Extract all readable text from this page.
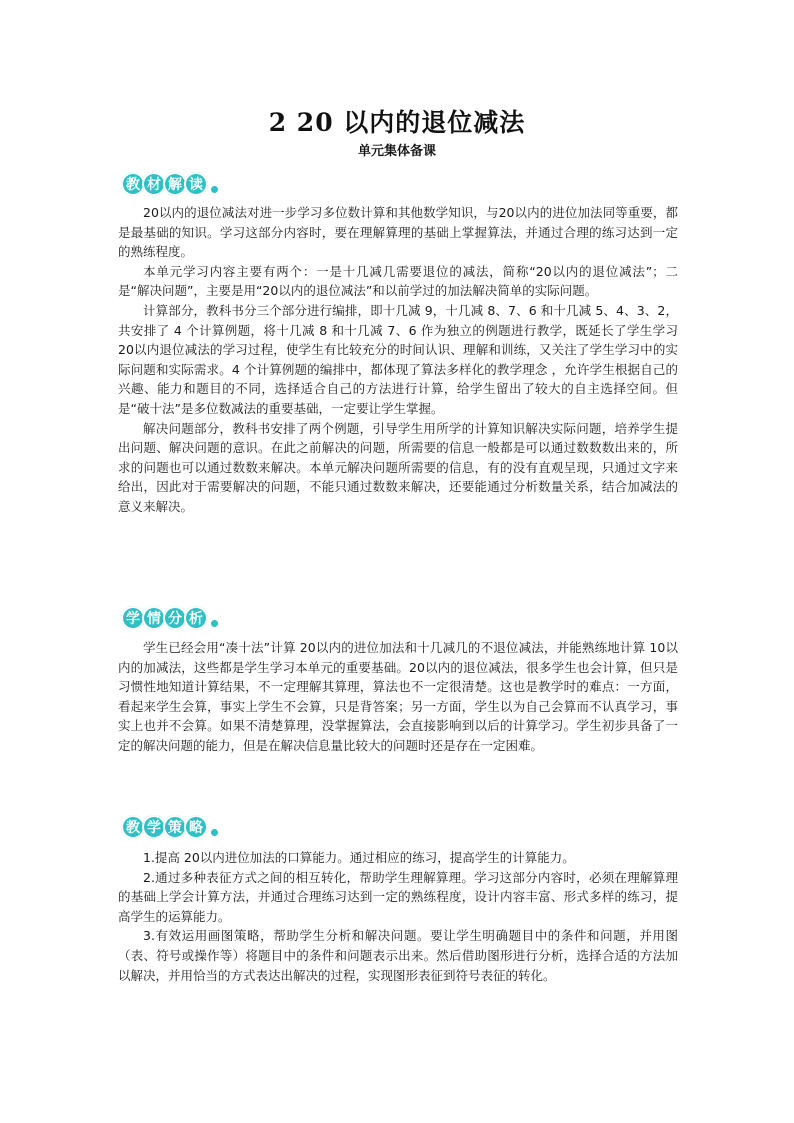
2 20 以内的退位减法
单元集体备课
教 材 解 读

20以内的退位减法对进一步学习多位数计算和其他数学知识，与20以内的进位加法同等重要，都是最基础的知识。学习这部分内容时，要在理解算理的基础上掌握算法，并通过合理的练习达到一定的熟练程度。

本单元学习内容主要有两个：一是十几减几需要退位的减法，简称“20以内的退位减法”；二是“解决问题”，主要是用“20以内的退位减法”和以前学过的加法解决简单的实际问题。

计算部分，教科书分三个部分进行编排，即十几减 9，十几减 8、7、6 和十几减 5、4、3、2，共安排了 4 个计算例题，将十几减 8 和十几减 7、6 作为独立的例题进行教学，既延长了学生学习 20以内退位减法的学习过程，使学生有比较充分的时间认识、理解和训练，又关注了学生学习中的实际问题和实际需求。4 个计算例题的编排中，都体现了算法多样化的教学理念 ，允许学生根据自己的兴趣、能力和题目的不同，选择适合自己的方法进行计算，给学生留出了较大的自主选择空间。但是“破十法”是多位数减法的重要基础，一定要让学生掌握。

解决问题部分，教科书安排了两个例题，引导学生用所学的计算知识解决实际问题，培养学生提出问题、解决问题的意识。在此之前解决的问题，所需要的信息一般都是可以通过数数数出来的，所求的问题也可以通过数数来解决。本单元解决问题所需要的信息，有的没有直观呈现，只通过文字来给出，因此对于需要解决的问题，不能只通过数数来解决，还要能通过分析数量关系，结合加减法的意义来解决。

学 情 分 析

学生已经会用“凑十法”计算 20以内的进位加法和十几减几的不退位减法，并能熟练地计算 10以内的加减法，这些都是学生学习本单元的重要基础。20以内的退位减法，很多学生也会计算，但只是习惯性地知道计算结果，不一定理解其算理，算法也不一定很清楚。这也是教学时的难点：一方面，看起来学生会算，事实上学生不会算，只是背答案；另一方面，学生以为自己会算而不认真学习，事实上也并不会算。如果不清楚算理，没掌握算法，会直接影响到以后的计算学习。学生初步具备了一定的解决问题的能力，但是在解决信息量比较大的问题时还是存在一定困难。

教 学 策 略

1.提高 20以内进位加法的口算能力。通过相应的练习，提高学生的计算能力。

2.通过多种表征方式之间的相互转化，帮助学生理解算理。学习这部分内容时，必须在理解算理的基础上学会计算方法，并通过合理练习达到一定的熟练程度，设计内容丰富、形式多样的练习，提高学生的运算能力。

3.有效运用画图策略，帮助学生分析和解决问题。要让学生明确题目中的条件和问题，并用图（表、符号或操作等）将题目中的条件和问题表示出来。然后借助图形进行分析，选择合适的方法加以解决，并用恰当的方式表达出解决的过程，实现图形表征到符号表征的转化。
